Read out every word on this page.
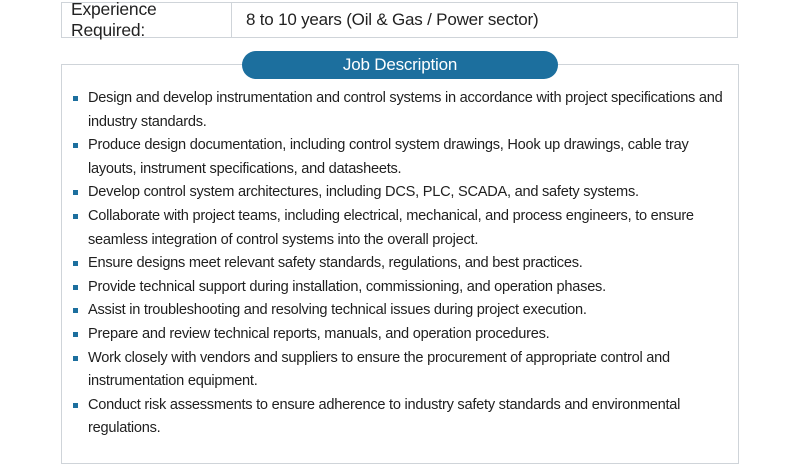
Experience Required:
8 to 10 years (Oil & Gas / Power sector)
Job Description
Design and develop instrumentation and control systems in accordance with project specifications and industry standards.
Produce design documentation, including control system drawings, Hook up drawings, cable tray layouts, instrument specifications, and datasheets.
Develop control system architectures, including DCS, PLC, SCADA, and safety systems.
Collaborate with project teams, including electrical, mechanical, and process engineers, to ensure seamless integration of control systems into the overall project.
Ensure designs meet relevant safety standards, regulations, and best practices.
Provide technical support during installation, commissioning, and operation phases.
Assist in troubleshooting and resolving technical issues during project execution.
Prepare and review technical reports, manuals, and operation procedures.
Work closely with vendors and suppliers to ensure the procurement of appropriate control and instrumentation equipment.
Conduct risk assessments to ensure adherence to industry safety standards and environmental regulations.
